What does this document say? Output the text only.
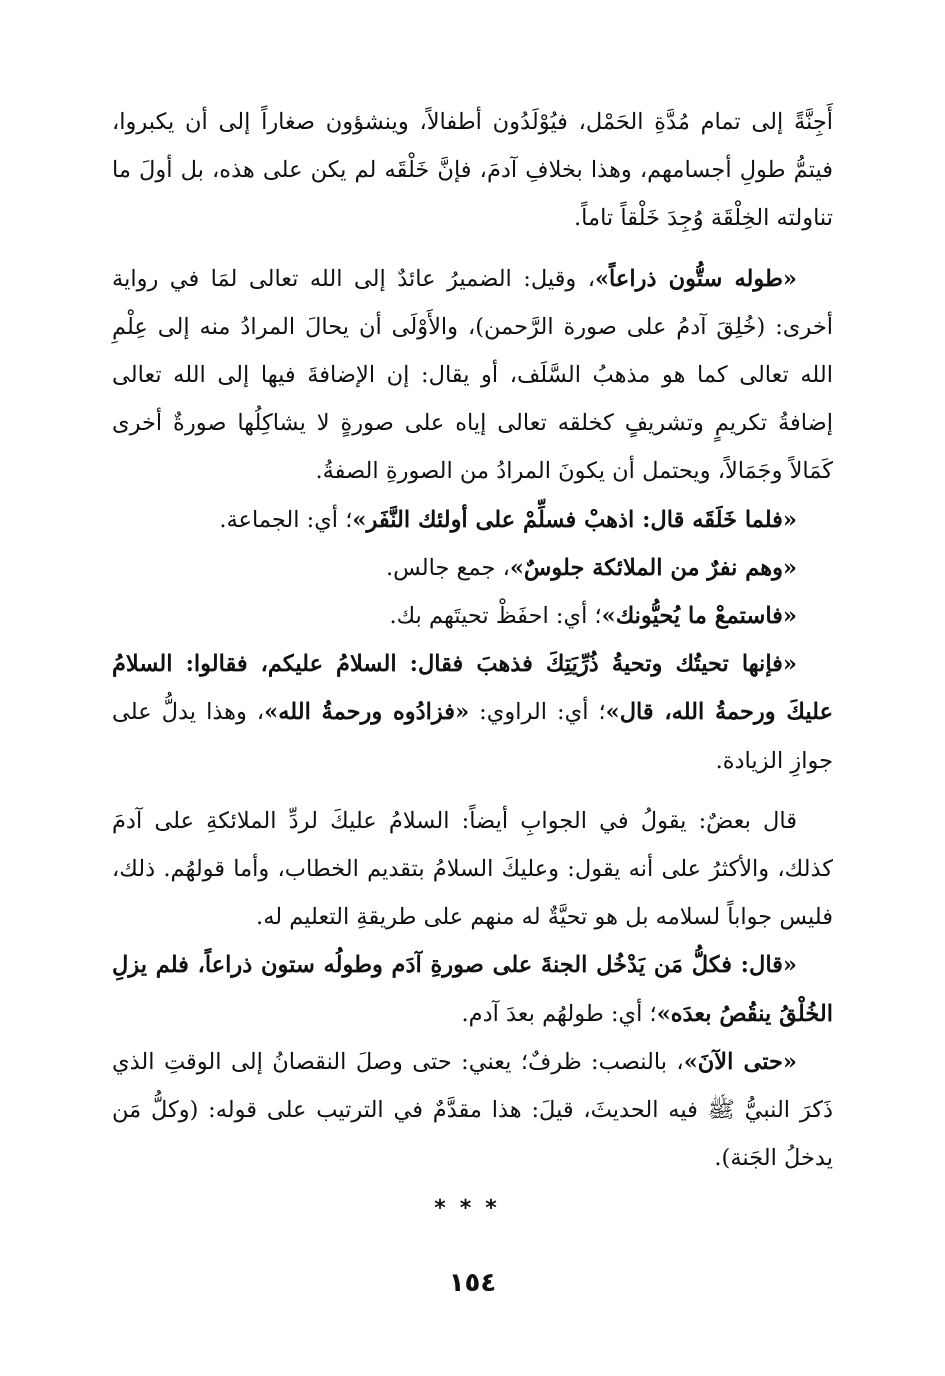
أَجِنَّةً إلى تمام مُدَّةِ الحَمْل، فيُوْلَدُون أطفالاً، وينشؤون صغاراً إلى أن يكبروا، فيتمُّ طولِ أجسامهم، وهذا بخلافِ آدمَ، فإنَّ خَلْقَه لم يكن على هذه، بل أولَ ما تناولته الخِلْقَة وُجِدَ خَلْقاً تاماً.

«طوله ستُّون ذراعاً»، وقيل: الضميرُ عائدٌ إلى الله تعالى لمَا في رواية أخرى: (خُلِقَ آدمُ على صورة الرَّحمن)، والأَوْلَى أن يحالَ المرادُ منه إلى عِلْمِ الله تعالى كما هو مذهبُ السَّلَف، أو يقال: إن الإضافةَ فيها إلى الله تعالى إضافةُ تكريمٍ وتشريفٍ كخلقه تعالى إياه على صورةٍ لا يشاكِلُها صورةٌ أخرى كَمَالاً وجَمَالاً، ويحتمل أن يكونَ المرادُ من الصورةِ الصفةُ.

«فلما خَلَقَه قال: اذهبْ فسلِّمْ على أولئك النَّفَر»؛ أي: الجماعة.

«وهم نفرٌ من الملائكة جلوسٌ»، جمع جالس.

«فاستمعْ ما يُحيُّونك»؛ أي: احفَظْ تحيتَهم بك.

«فإنها تحيتُك وتحيةُ ذُرِّيَتِكَ فذهبَ فقال: السلامُ عليكم، فقالوا: السلامُ عليكَ ورحمةُ الله، قال»؛ أي: الراوي: «فزادُوه ورحمةُ الله»، وهذا يدلُّ على جوازِ الزيادة.

قال بعضٌ: يقولُ في الجوابِ أيضاً: السلامُ عليكَ لردِّ الملائكةِ على آدمَ كذلك، والأكثرُ على أنه يقول: وعليكَ السلامُ بتقديم الخطاب، وأما قولهُم. ذلك، فليس جواباً لسلامه بل هو تحيَّةٌ له منهم على طريقةِ التعليم له.

«قال: فكلُّ مَن يَدْخُل الجنةَ على صورةِ آدَم وطولُه ستون ذراعاً، فلم يزلِ الخُلْقُ ينقُصُ بعدَه»؛ أي: طولهُم بعدَ آدم.

«حتى الآنَ»، بالنصب: ظرفٌ؛ يعني: حتى وصلَ النقصانُ إلى الوقتِ الذي ذَكرَ النبيُّ ﷺ فيه الحديثَ، قيلَ: هذا مقدَّمٌ في الترتيب على قوله: (وكلُّ مَن يدخلُ الجَنة).

***
١٥٤
